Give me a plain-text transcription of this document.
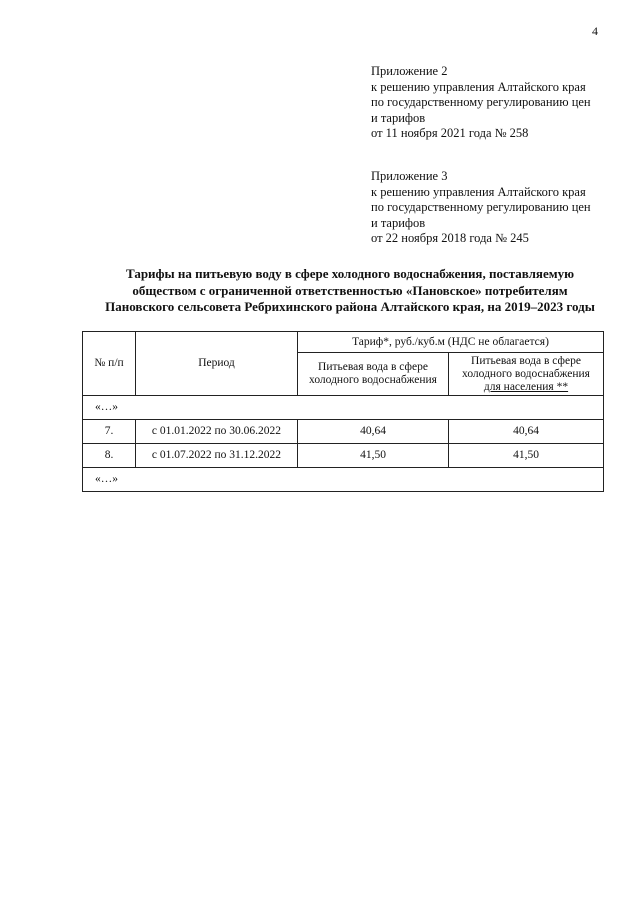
4
Приложение 2
к решению управления Алтайского края
по государственному регулированию цен
и тарифов
от 11 ноября 2021 года № 258
Приложение 3
к решению управления Алтайского края
по государственному регулированию цен
и тарифов
от 22 ноября 2018 года № 245
Тарифы на питьевую воду в сфере холодного водоснабжения, поставляемую
обществом с ограниченной ответственностью «Пановское» потребителям
Пановского сельсовета Ребрихинского района Алтайского края, на 2019–2023 годы
№ п/п	Период	Тариф*, руб./куб.м (НДС не облагается)	
		Питьевая вода в сфере холодного водоснабжения	Питьевая вода в сфере
холодного водоснабжения
для населения **
«…»			
7.	с 01.01.2022 по 30.06.2022	40,64	40,64
8.	с 01.07.2022 по 31.12.2022	41,50	41,50
«…»			
